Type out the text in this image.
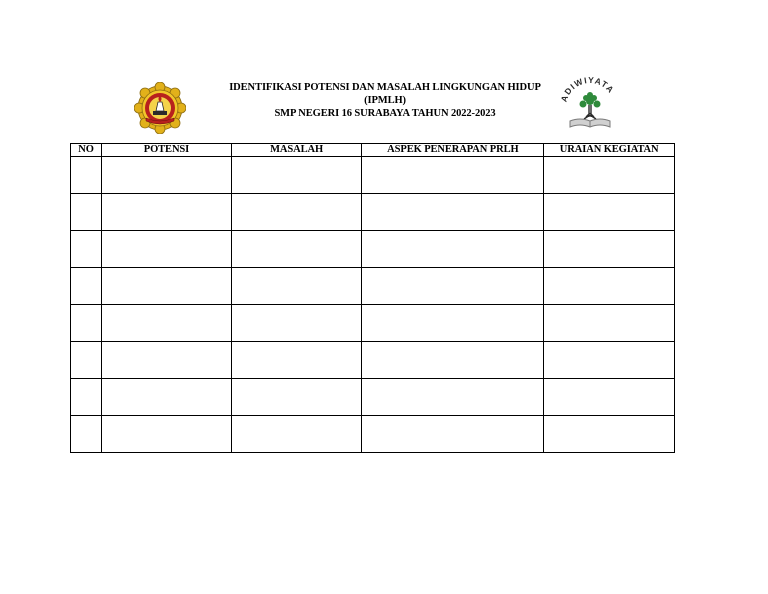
IDENTIFIKASI POTENSI DAN MASALAH LINGKUNGAN HIDUP
(IPMLH)
SMP NEGERI 16 SURABAYA TAHUN 2022-2023
ADIWIYATA
NO	POTENSI	MASALAH	ASPEK PENERAPAN PRLH	URAIAN KEGIATAN
